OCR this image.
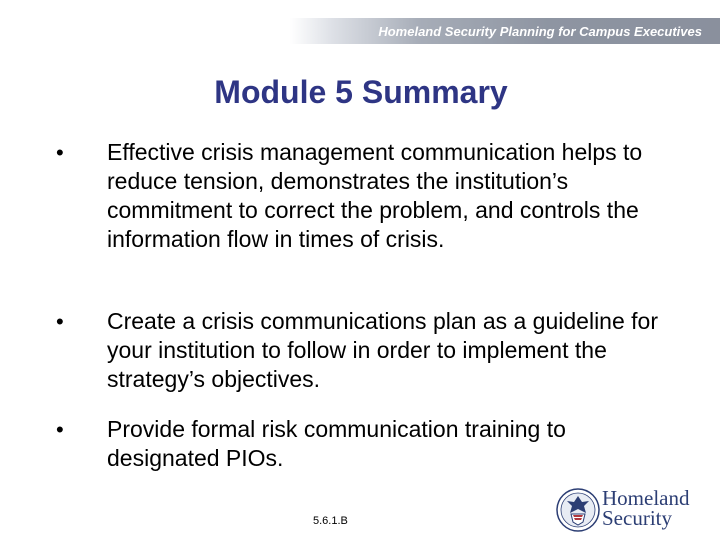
Homeland Security Planning for Campus Executives
Module 5 Summary
• Effective crisis management communication helps to reduce tension, demonstrates the institution’s commitment to correct the problem, and controls the information flow in times of crisis.
• Create a crisis communications plan as a guideline for your institution to follow in order to implement the strategy’s objectives.
• Provide formal risk communication training to designated PIOs.
5.6.1.B
Homeland
Security
